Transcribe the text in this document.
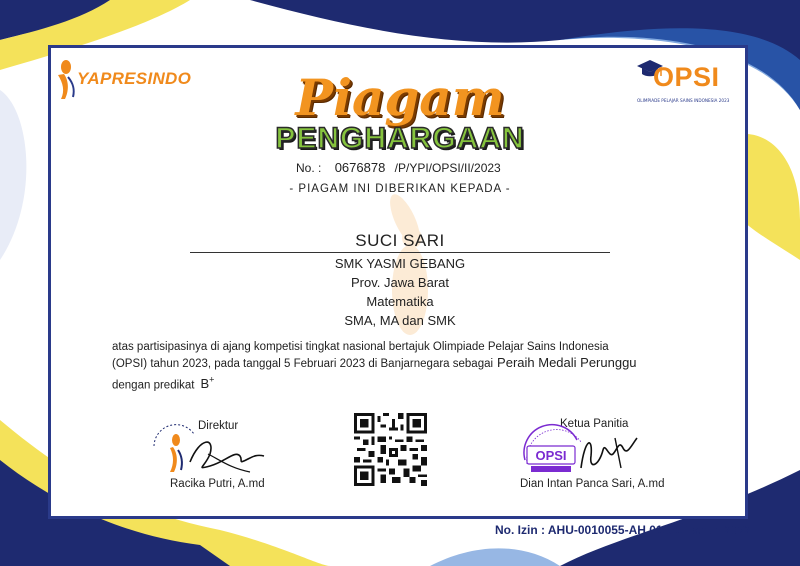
YAPRESINDO	OPSI
OLIMPIADE PELAJAR SAINS INDONESIA 2023
Piagam
PENGHARGAAN
No. : 0676878 /P/YPI/OPSI/II/2023
- PIAGAM INI DIBERIKAN KEPADA -
SUCI SARI
SMK YASMI GEBANG
Prov. Jawa Barat
Matematika
SMA, MA dan SMK
atas partisipasinya di ajang kompetisi tingkat nasional bertajuk Olimpiade Pelajar Sains Indonesia
(OPSI) tahun 2023, pada tanggal 5 Februari 2023 di Banjarnegara sebagai Peraih Medali Perunggu
dengan predikat B+
Direktur
Racika Putri, A.md
Ketua Panitia
OPSI
Dian Intan Panca Sari, A.md
No. Izin : AHU-0010055-AH.01.04. Tahun 2022
